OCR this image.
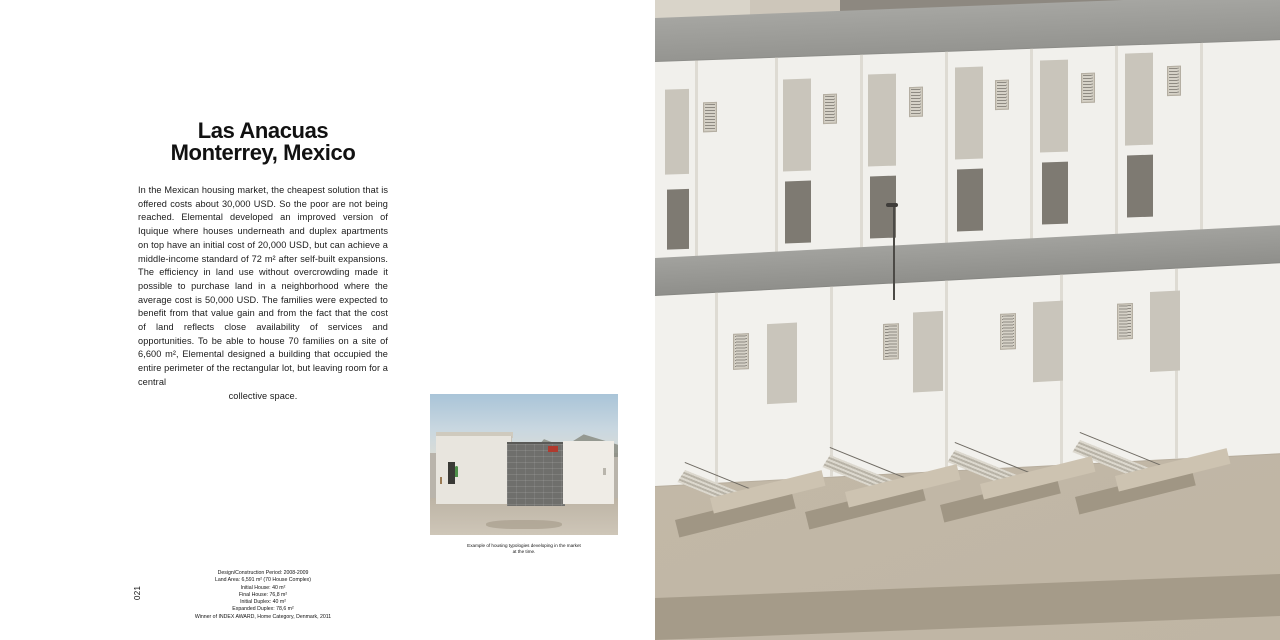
Las Anacuas
Monterrey, Mexico
In the Mexican housing market, the cheapest solution that is offered costs about 30,000 USD. So the poor are not being reached. Elemental developed an improved version of Iquique where houses underneath and duplex apartments on top have an initial cost of 20,000 USD, but can achieve a middle-income standard of 72 m² after self-built expansions. The efficiency in land use without overcrowding made it possible to purchase land in a neighborhood where the average cost is 50,000 USD. The families were expected to benefit from that value gain and from the fact that the cost of land reflects close availability of services and opportunities. To be able to house 70 families on a site of 6,600 m², Elemental designed a building that occupied the entire perimeter of the rectangular lot, but leaving room for a central
collective space.
Design/Construction Period: 2008-2009
Land Area: 6,591 m² (70 House Complex)
Initial House: 40 m²
Final House: 76,8 m²
Initial Duplex: 40 m²
Expanded Duplex: 78,6 m²
Winner of INDEX AWARD, Home Category, Denmark, 2011
021
Example of housing typologies developing in the market
at the time.
